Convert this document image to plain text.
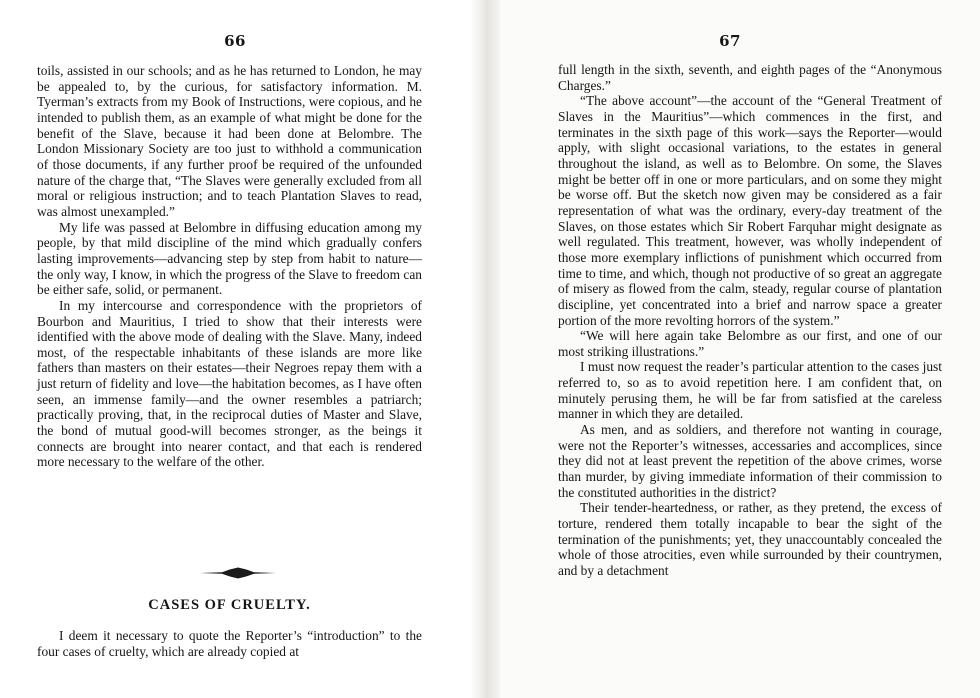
66

toils, assisted in our schools; and as he has returned to London, he may be appealed to, by the curious, for satisfactory information. M. Tyerman’s extracts from my Book of Instructions, were copious, and he intended to publish them, as an example of what might be done for the benefit of the Slave, because it had been done at Belombre. The London Missionary Society are too just to withhold a communication of those documents, if any further proof be required of the unfounded nature of the charge that, “The Slaves were generally excluded from all moral or religious instruction; and to teach Plantation Slaves to read, was almost unexampled.”

My life was passed at Belombre in diffusing education among my people, by that mild discipline of the mind which gradually confers lasting improvements—advancing step by step from habit to nature—the only way, I know, in which the progress of the Slave to freedom can be either safe, solid, or permanent.

In my intercourse and correspondence with the proprietors of Bourbon and Mauritius, I tried to show that their interests were identified with the above mode of dealing with the Slave. Many, indeed most, of the respectable inhabitants of these islands are more like fathers than masters on their estates—their Negroes repay them with a just return of fidelity and love—the habitation becomes, as I have often seen, an immense family—and the owner resembles a patriarch; practically proving, that, in the reciprocal duties of Master and Slave, the bond of mutual good-will becomes stronger, as the beings it connects are brought into nearer contact, and that each is rendered more necessary to the welfare of the other.

CASES OF CRUELTY.

I deem it necessary to quote the Reporter’s “introduction” to the four cases of cruelty, which are already copied at

67

full length in the sixth, seventh, and eighth pages of the “Anonymous Charges.”

“The above account”—the account of the “General Treatment of Slaves in the Mauritius”—which commences in the first, and terminates in the sixth page of this work—says the Reporter—would apply, with slight occasional variations, to the estates in general throughout the island, as well as to Belombre. On some, the Slaves might be better off in one or more particulars, and on some they might be worse off. But the sketch now given may be considered as a fair representation of what was the ordinary, every-day treatment of the Slaves, on those estates which Sir Robert Farquhar might designate as well regulated. This treatment, however, was wholly independent of those more exemplary inflictions of punishment which occurred from time to time, and which, though not productive of so great an aggregate of misery as flowed from the calm, steady, regular course of plantation discipline, yet concentrated into a brief and narrow space a greater portion of the more revolting horrors of the system.”

“We will here again take Belombre as our first, and one of our most striking illustrations.”

I must now request the reader’s particular attention to the cases just referred to, so as to avoid repetition here. I am confident that, on minutely perusing them, he will be far from satisfied at the careless manner in which they are detailed.

As men, and as soldiers, and therefore not wanting in courage, were not the Reporter’s witnesses, accessaries and accomplices, since they did not at least prevent the repetition of the above crimes, worse than murder, by giving immediate information of their commission to the constituted authorities in the district?

Their tender-heartedness, or rather, as they pretend, the excess of torture, rendered them totally incapable to bear the sight of the termination of the punishments; yet, they unaccountably concealed the whole of those atrocities, even while surrounded by their countrymen, and by a detachment
